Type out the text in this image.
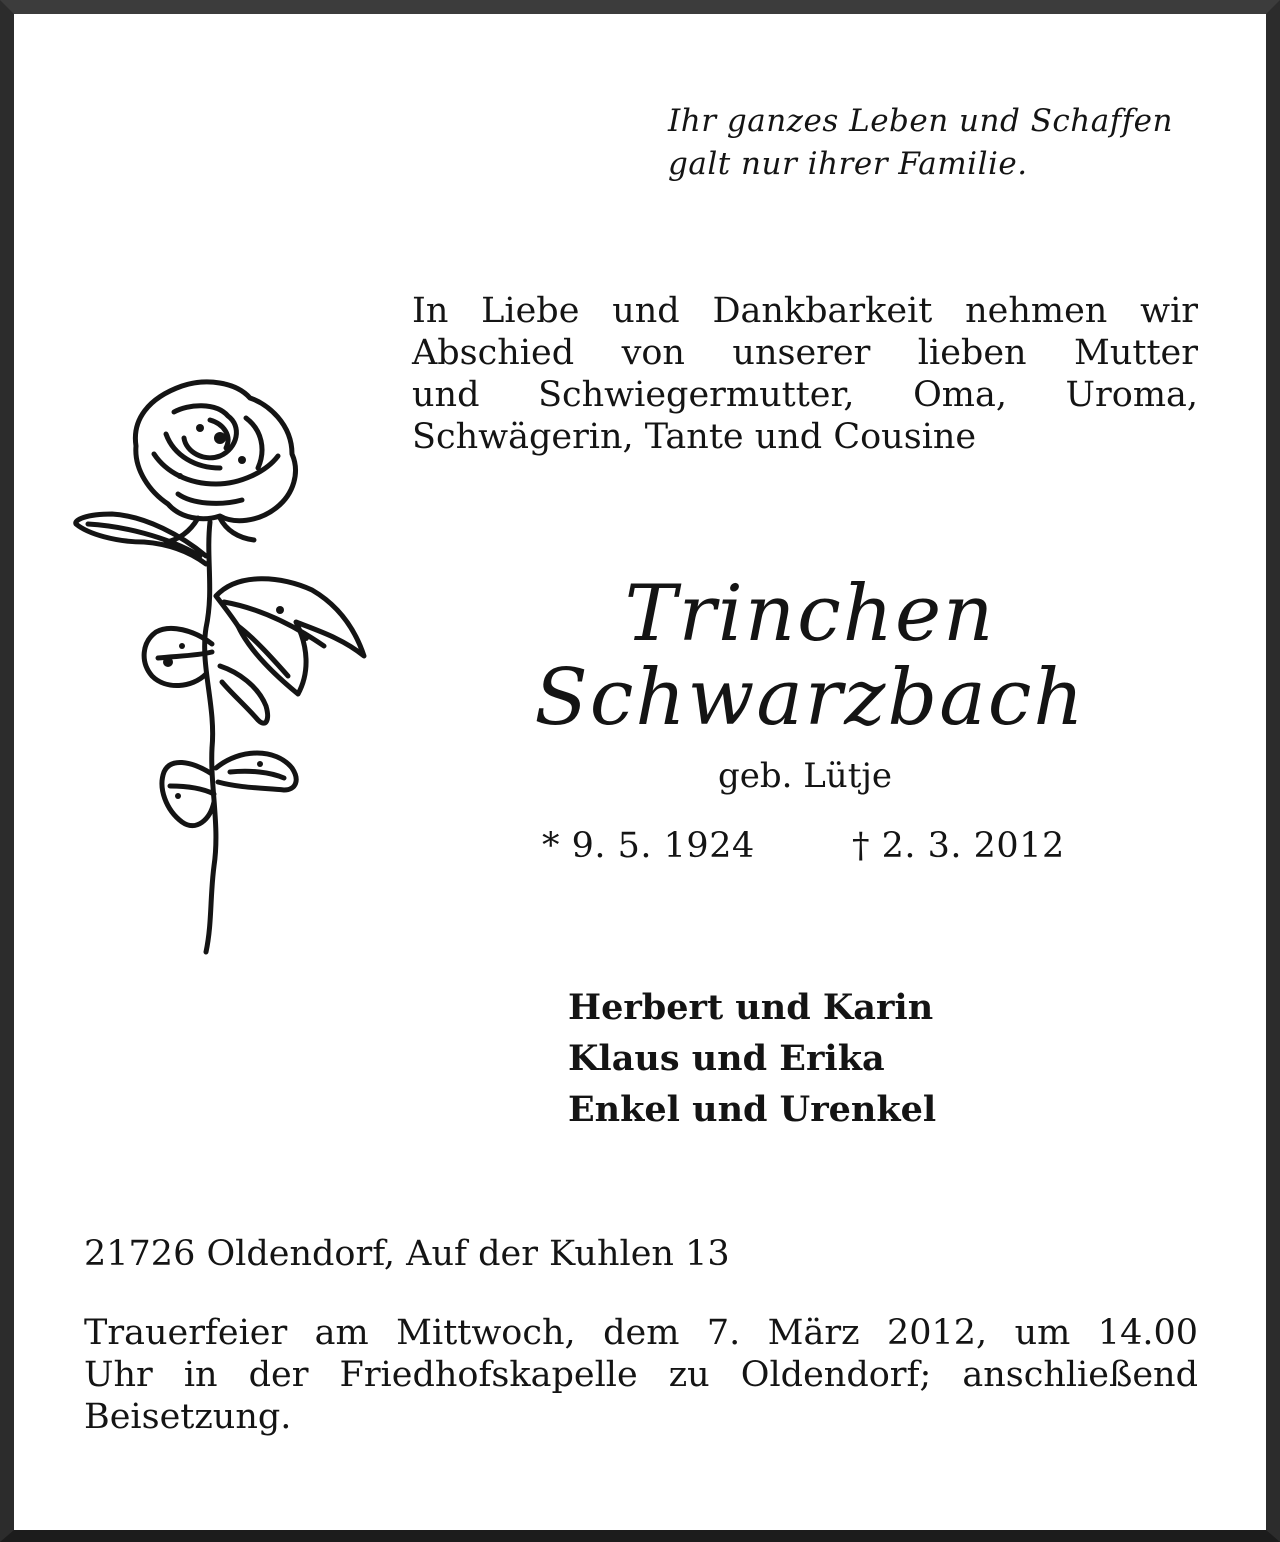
Ihr ganzes Leben und Schaffen
galt nur ihrer Familie.
In Liebe und Dankbarkeit nehmen wir
Abschied von unserer lieben Mutter
und Schwiegermutter, Oma, Uroma,
Schwägerin, Tante und Cousine
Trinchen
Schwarzbach
geb. Lütje
* 9. 5. 1924	† 2. 3. 2012
Herbert und Karin
Klaus und Erika
Enkel und Urenkel
21726 Oldendorf, Auf der Kuhlen 13
Trauerfeier am Mittwoch, dem 7. März 2012, um 14.00
Uhr in der Friedhofskapelle zu Oldendorf; anschließend
Beisetzung.
